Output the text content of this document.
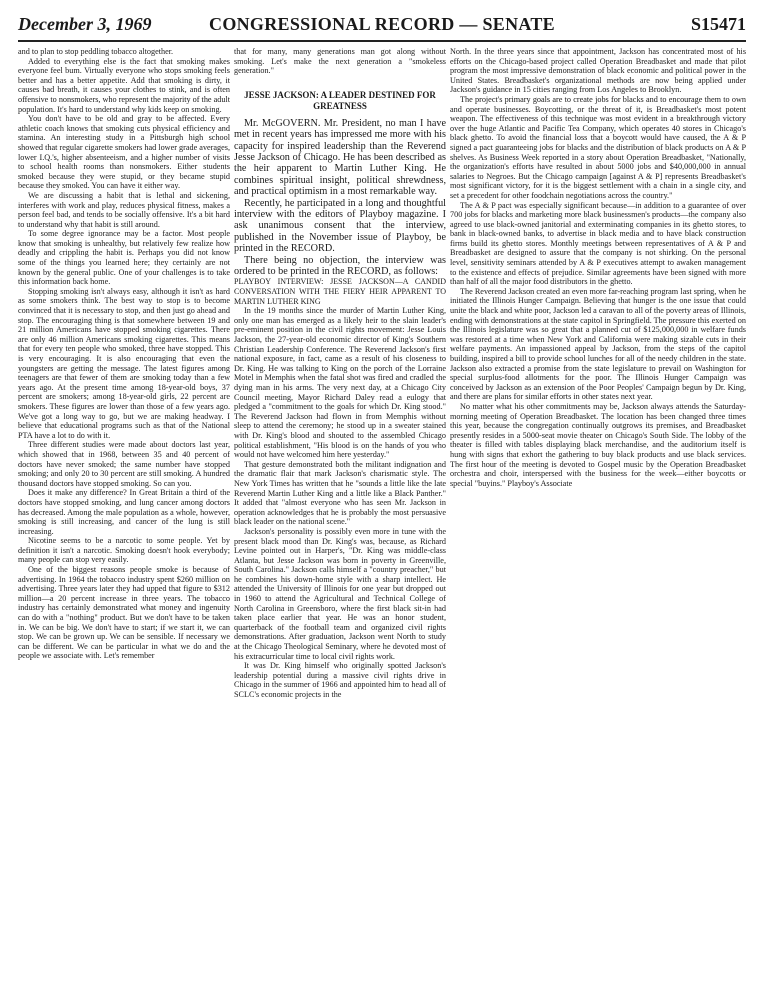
December 3, 1969	CONGRESSIONAL RECORD — SENATE	S15471

and to plan to stop peddling tobacco altogether.

Added to everything else is the fact that smoking makes everyone feel bum. Virtually everyone who stops smoking feels better and has a better appetite. Add that smoking is dirty, it causes bad breath, it causes your clothes to stink, and is often offensive to nonsmokers, who represent the majority of the adult population. It's hard to understand why kids keep on smoking.

You don't have to be old and gray to be affected. Every athletic coach knows that smoking cuts physical efficiency and stamina. An interesting study in a Pittsburgh high school showed that regular cigarette smokers had lower grade averages, lower I.Q.'s, higher absenteeism, and a higher number of visits to school health rooms than nonsmokers. Either students smoked because they were stupid, or they became stupid because they smoked. You can have it either way.

We are discussing a habit that is lethal and sickening, interferes with work and play, reduces physical fitness, makes a person feel bad, and tends to be socially offensive. It's a bit hard to understand why that habit is still around.

To some degree ignorance may be a factor. Most people know that smoking is unhealthy, but relatively few realize how deadly and crippling the habit is. Perhaps you did not know some of the things you learned here; they certainly are not known by the general public. One of your challenges is to take this information back home.

Stopping smoking isn't always easy, although it isn't as hard as some smokers think. The best way to stop is to become convinced that it is necessary to stop, and then just go ahead and stop. The encouraging thing is that somewhere between 19 and 21 million Americans have stopped smoking cigarettes. There are only 46 million Americans smoking cigarettes. This means that for every ten people who smoked, three have stopped. This is very encouraging. It is also encouraging that even the youngsters are getting the message. The latest figures among teenagers are that fewer of them are smoking today than a few years ago. At the present time among 18-year-old boys, 37 percent are smokers; among 18-year-old girls, 22 percent are smokers. These figures are lower than those of a few years ago. We've got a long way to go, but we are making headway. I believe that educational programs such as that of the National PTA have a lot to do with it.

Three different studies were made about doctors last year, which showed that in 1968, between 35 and 40 percent of doctors have never smoked; the same number have stopped smoking; and only 20 to 30 percent are still smoking. A hundred thousand doctors have stopped smoking. So can you.

Does it make any difference? In Great Britain a third of the doctors have stopped smoking, and lung cancer among doctors has decreased. Among the male population as a whole, however, smoking is still increasing, and cancer of the lung is still increasing.

Nicotine seems to be a narcotic to some people. Yet by definition it isn't a narcotic. Smoking doesn't hook everybody; many people can stop very easily.

One of the biggest reasons people smoke is because of advertising. In 1964 the tobacco industry spent $260 million on advertising. Three years later they had upped that figure to $312 million—a 20 percent increase in three years. The tobacco industry has certainly demonstrated what money and ingenuity can do with a "nothing" product. But we don't have to be taken in. We can be big. We don't have to start; if we start it, we can stop. We can be grown up. We can be sensible. If necessary we can be different. We can be particular in what we do and the people we associate with. Let's remember

that for many, many generations man got along without smoking. Let's make the next generation a "smokeless generation."

JESSE JACKSON: A LEADER DESTINED FOR GREATNESS

Mr. McGOVERN. Mr. President, no man I have met in recent years has impressed me more with his capacity for inspired leadership than the Reverend Jesse Jackson of Chicago. He has been described as the heir apparent to Martin Luther King. He combines spiritual insight, political shrewdness, and practical optimism in a most remarkable way.

Recently, he participated in a long and thoughtful interview with the editors of Playboy magazine. I ask unanimous consent that the interview, published in the November issue of Playboy, be printed in the RECORD.

There being no objection, the interview was ordered to be printed in the RECORD, as follows:

PLAYBOY INTERVIEW: JESSE JACKSON—A CANDID CONVERSATION WITH THE FIERY HEIR APPARENT TO MARTIN LUTHER KING

In the 19 months since the murder of Martin Luther King, only one man has emerged as a likely heir to the slain leader's pre-eminent position in the civil rights movement: Jesse Louis Jackson, the 27-year-old economic director of King's Southern Christian Leadership Conference. The Reverend Jackson's first national exposure, in fact, came as a result of his closeness to Dr. King. He was talking to King on the porch of the Lorraine Motel in Memphis when the fatal shot was fired and cradled the dying man in his arms. The very next day, at a Chicago City Council meeting, Mayor Richard Daley read a eulogy that pledged a "commitment to the goals for which Dr. King stood." The Reverend Jackson had flown in from Memphis without sleep to attend the ceremony; he stood up in a sweater stained with Dr. King's blood and shouted to the assembled Chicago political establishment, "His blood is on the hands of you who would not have welcomed him here yesterday."

That gesture demonstrated both the militant indignation and the dramatic flair that mark Jackson's charismatic style. The New York Times has written that he "sounds a little like the late Reverend Martin Luther King and a little like a Black Panther." It added that "almost everyone who has seen Mr. Jackson in operation acknowledges that he is probably the most persuasive black leader on the national scene."

Jackson's personality is possibly even more in tune with the present black mood than Dr. King's was, because, as Richard Levine pointed out in Harper's, "Dr. King was middle-class Atlanta, but Jesse Jackson was born in poverty in Greenville, South Carolina." Jackson calls himself a "country preacher," but he combines his down-home style with a sharp intellect. He attended the University of Illinois for one year but dropped out in 1960 to attend the Agricultural and Technical College of North Carolina in Greensboro, where the first black sit-in had taken place earlier that year. He was an honor student, quarterback of the football team and organized civil rights demonstrations. After graduation, Jackson went North to study at the Chicago Theological Seminary, where he devoted most of his extracurricular time to local civil rights work.

It was Dr. King himself who originally spotted Jackson's leadership potential during a massive civil rights drive in Chicago in the summer of 1966 and appointed him to head all of SCLC's economic projects in the

North. In the three years since that appointment, Jackson has concentrated most of his efforts on the Chicago-based project called Operation Breadbasket and made that pilot program the most impressive demonstration of black economic and political power in the United States. Breadbasket's organizational methods are now being applied under Jackson's guidance in 15 cities ranging from Los Angeles to Brooklyn.

The project's primary goals are to create jobs for blacks and to encourage them to own and operate businesses. Boycotting, or the threat of it, is Breadbasket's most potent weapon. The effectiveness of this technique was most evident in a breakthrough victory over the huge Atlantic and Pacific Tea Company, which operates 40 stores in Chicago's black ghetto. To avoid the financial loss that a boycott would have caused, the A & P signed a pact guaranteeing jobs for blacks and the distribution of black products on A & P shelves. As Business Week reported in a story about Operation Breadbasket, "Nationally, the organization's efforts have resulted in about 5000 jobs and $40,000,000 in annual salaries to Negroes. But the Chicago campaign [against A & P] represents Breadbasket's most significant victory, for it is the biggest settlement with a chain in a single city, and set a precedent for other foodchain negotiations across the country."

The A & P pact was especially significant because—in addition to a guarantee of over 700 jobs for blacks and marketing more black businessmen's products—the company also agreed to use black-owned janitorial and exterminating companies in its ghetto stores, to bank in black-owned banks, to advertise in black media and to have black construction firms build its ghetto stores. Monthly meetings between representatives of A & P and Breadbasket are designed to assure that the company is not shirking. On the personal level, sensitivity seminars attended by A & P executives attempt to awaken management to the existence and effects of prejudice. Similar agreements have been signed with more than half of all the major food distributors in the ghetto.

The Reverend Jackson created an even more far-reaching program last spring, when he initiated the Illinois Hunger Campaign. Believing that hunger is the one issue that could unite the black and white poor, Jackson led a caravan to all of the poverty areas of Illinois, ending with demonstrations at the state capitol in Springfield. The pressure this exerted on the Illinois legislature was so great that a planned cut of $125,000,000 in welfare funds was restored at a time when New York and California were making sizable cuts in their welfare payments. An impassioned appeal by Jackson, from the steps of the capitol building, inspired a bill to provide school lunches for all of the needy children in the state. Jackson also extracted a promise from the state legislature to prevail on Washington for special surplus-food allotments for the poor. The Illinois Hunger Campaign was conceived by Jackson as an extension of the Poor Peoples' Campaign begun by Dr. King, and there are plans for similar efforts in other states next year.

No matter what his other commitments may be, Jackson always attends the Saturday-morning meeting of Operation Breadbasket. The location has been changed three times this year, because the congregation continually outgrows its premises, and Breadbasket presently resides in a 5000-seat movie theater on Chicago's South Side. The lobby of the theater is filled with tables displaying black merchandise, and the auditorium itself is hung with signs that exhort the gathering to buy black products and use black services. The first hour of the meeting is devoted to Gospel music by the Operation Breadbasket orchestra and choir, interspersed with the business for the week—either boycotts or special "buyins." Playboy's Associate
